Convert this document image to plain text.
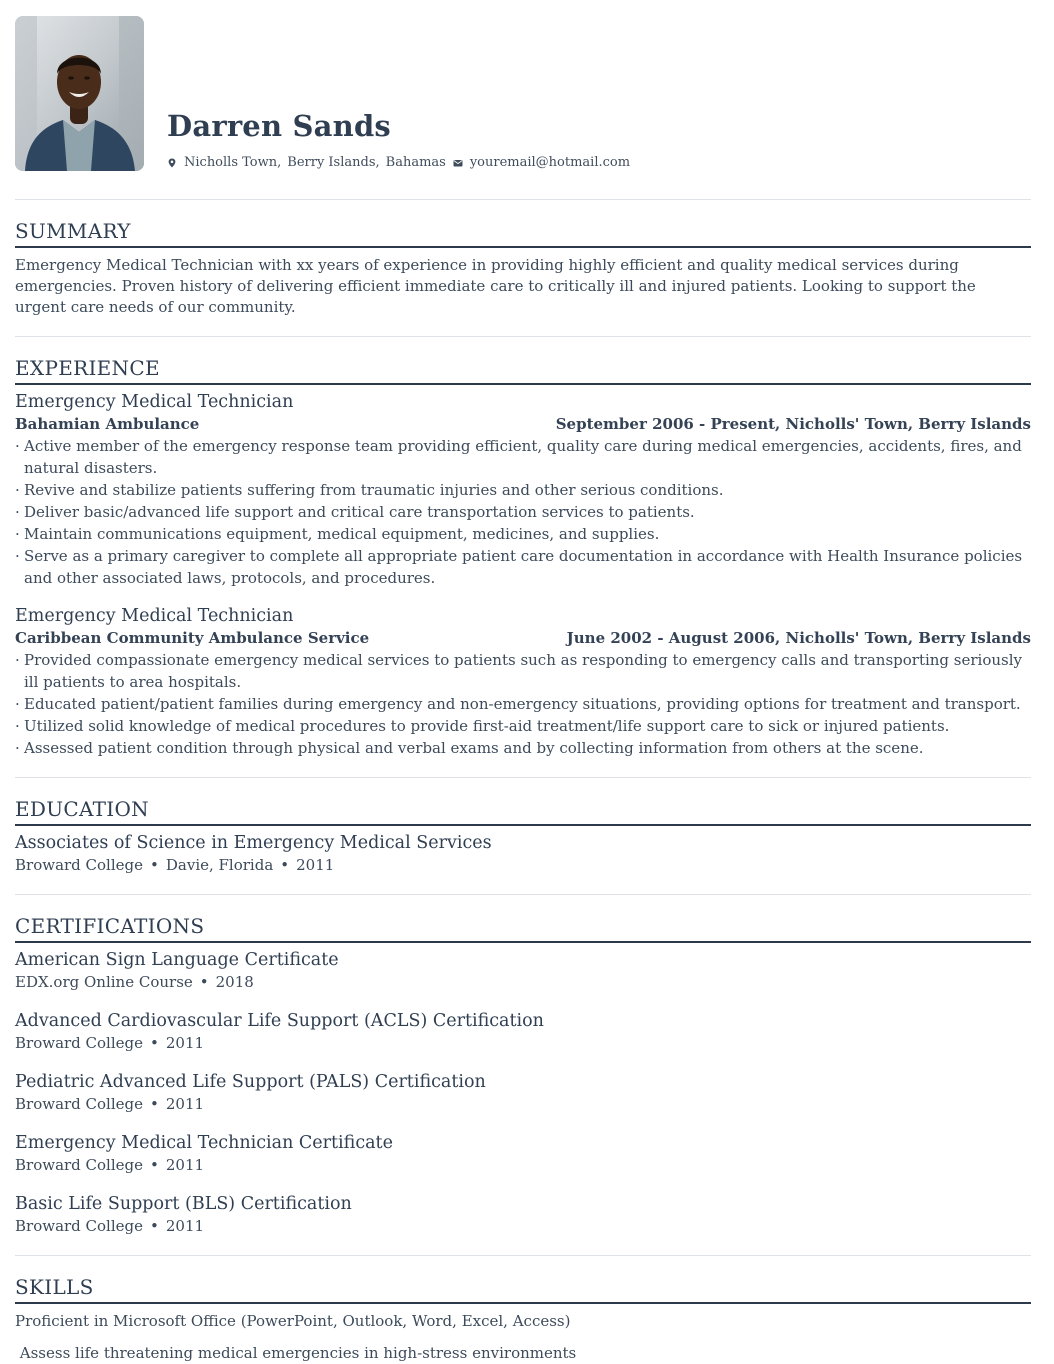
Darren Sands
Nicholls Town, Berry Islands, Bahamas youremail@hotmail.com
SUMMARY
Emergency Medical Technician with xx years of experience in providing highly efficient and quality medical services during emergencies. Proven history of delivering efficient immediate care to critically ill and injured patients. Looking to support the urgent care needs of our community.
EXPERIENCE
Emergency Medical Technician
Bahamian Ambulance	September 2006 - Present, Nicholls' Town, Berry Islands
· Active member of the emergency response team providing efficient, quality care during medical emergencies, accidents, fires, and natural disasters.
· Revive and stabilize patients suffering from traumatic injuries and other serious conditions.
· Deliver basic/advanced life support and critical care transportation services to patients.
· Maintain communications equipment, medical equipment, medicines, and supplies.
· Serve as a primary caregiver to complete all appropriate patient care documentation in accordance with Health Insurance policies and other associated laws, protocols, and procedures.
Emergency Medical Technician
Caribbean Community Ambulance Service	June 2002 - August 2006, Nicholls' Town, Berry Islands
· Provided compassionate emergency medical services to patients such as responding to emergency calls and transporting seriously ill patients to area hospitals.
· Educated patient/patient families during emergency and non-emergency situations, providing options for treatment and transport.
· Utilized solid knowledge of medical procedures to provide first-aid treatment/life support care to sick or injured patients.
· Assessed patient condition through physical and verbal exams and by collecting information from others at the scene.
EDUCATION
Associates of Science in Emergency Medical Services
Broward College • Davie, Florida • 2011
CERTIFICATIONS
American Sign Language Certificate
EDX.org Online Course • 2018
Advanced Cardiovascular Life Support (ACLS) Certification
Broward College • 2011
Pediatric Advanced Life Support (PALS) Certification
Broward College • 2011
Emergency Medical Technician Certificate
Broward College • 2011
Basic Life Support (BLS) Certification
Broward College • 2011
SKILLS
Proficient in Microsoft Office (PowerPoint, Outlook, Word, Excel, Access)
Assess life threatening medical emergencies in high-stress environments
